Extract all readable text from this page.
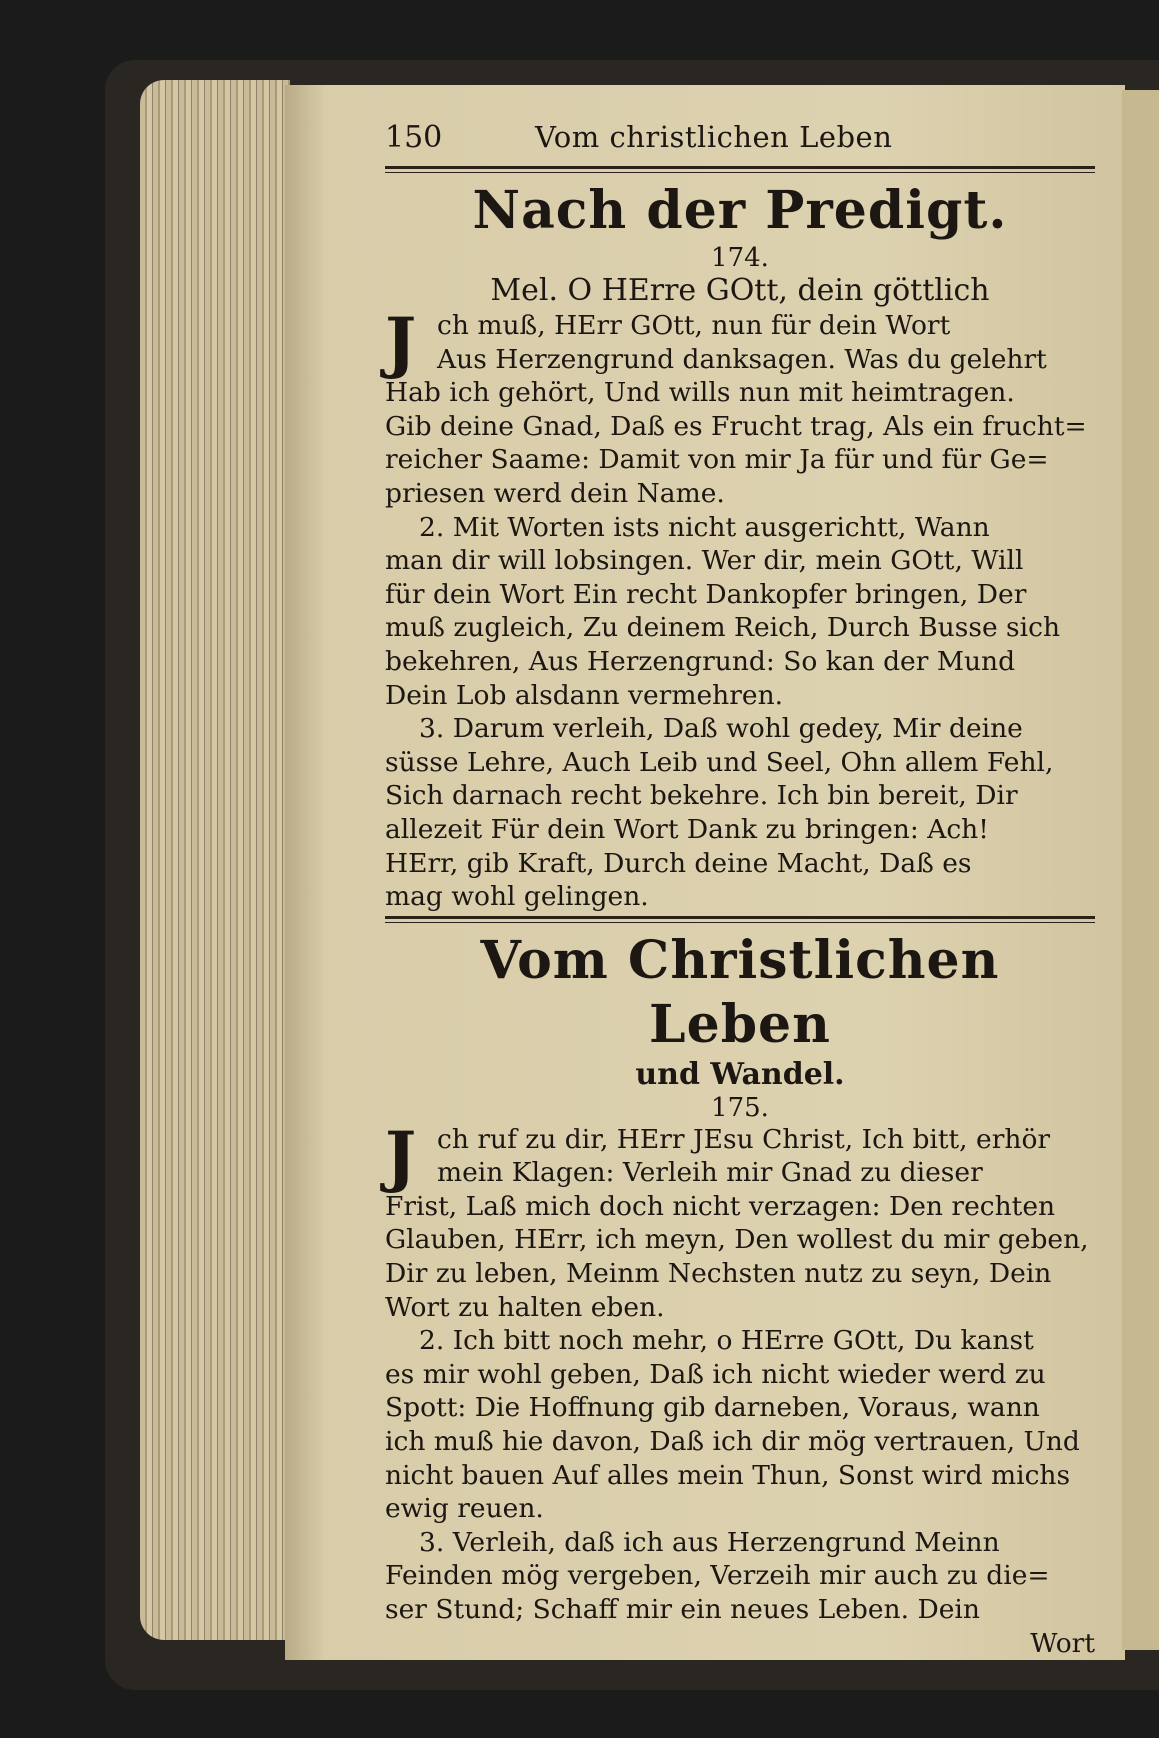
150	Vom christlichen Leben
Nach der Predigt.
174.
Mel. O HErre GOtt, dein göttlich
J ch muß, HErr GOtt, nun für dein Wort
Aus Herzengrund danksagen. Was du gelehrt
Hab ich gehört, Und wills nun mit heimtragen.
Gib deine Gnad, Daß es Frucht trag, Als ein frucht=
reicher Saame: Damit von mir Ja für und für Ge=
priesen werd dein Name.
2. Mit Worten ists nicht ausgerichtt, Wann
man dir will lobsingen. Wer dir, mein GOtt, Will
für dein Wort Ein recht Dankopfer bringen, Der
muß zugleich, Zu deinem Reich, Durch Busse sich
bekehren, Aus Herzengrund: So kan der Mund
Dein Lob alsdann vermehren.
3. Darum verleih, Daß wohl gedey, Mir deine
süsse Lehre, Auch Leib und Seel, Ohn allem Fehl,
Sich darnach recht bekehre. Ich bin bereit, Dir
allezeit Für dein Wort Dank zu bringen: Ach!
HErr, gib Kraft, Durch deine Macht, Daß es
mag wohl gelingen.
Vom Christlichen Leben
und Wandel.
175.
J ch ruf zu dir, HErr JEsu Christ, Ich bitt, erhör
mein Klagen: Verleih mir Gnad zu dieser
Frist, Laß mich doch nicht verzagen: Den rechten
Glauben, HErr, ich meyn, Den wollest du mir geben,
Dir zu leben, Meinm Nechsten nutz zu seyn, Dein
Wort zu halten eben.
2. Ich bitt noch mehr, o HErre GOtt, Du kanst
es mir wohl geben, Daß ich nicht wieder werd zu
Spott: Die Hoffnung gib darneben, Voraus, wann
ich muß hie davon, Daß ich dir mög vertrauen, Und
nicht bauen Auf alles mein Thun, Sonst wird michs
ewig reuen.
3. Verleih, daß ich aus Herzengrund Meinn
Feinden mög vergeben, Verzeih mir auch zu die=
ser Stund; Schaff mir ein neues Leben. Dein
Wort
